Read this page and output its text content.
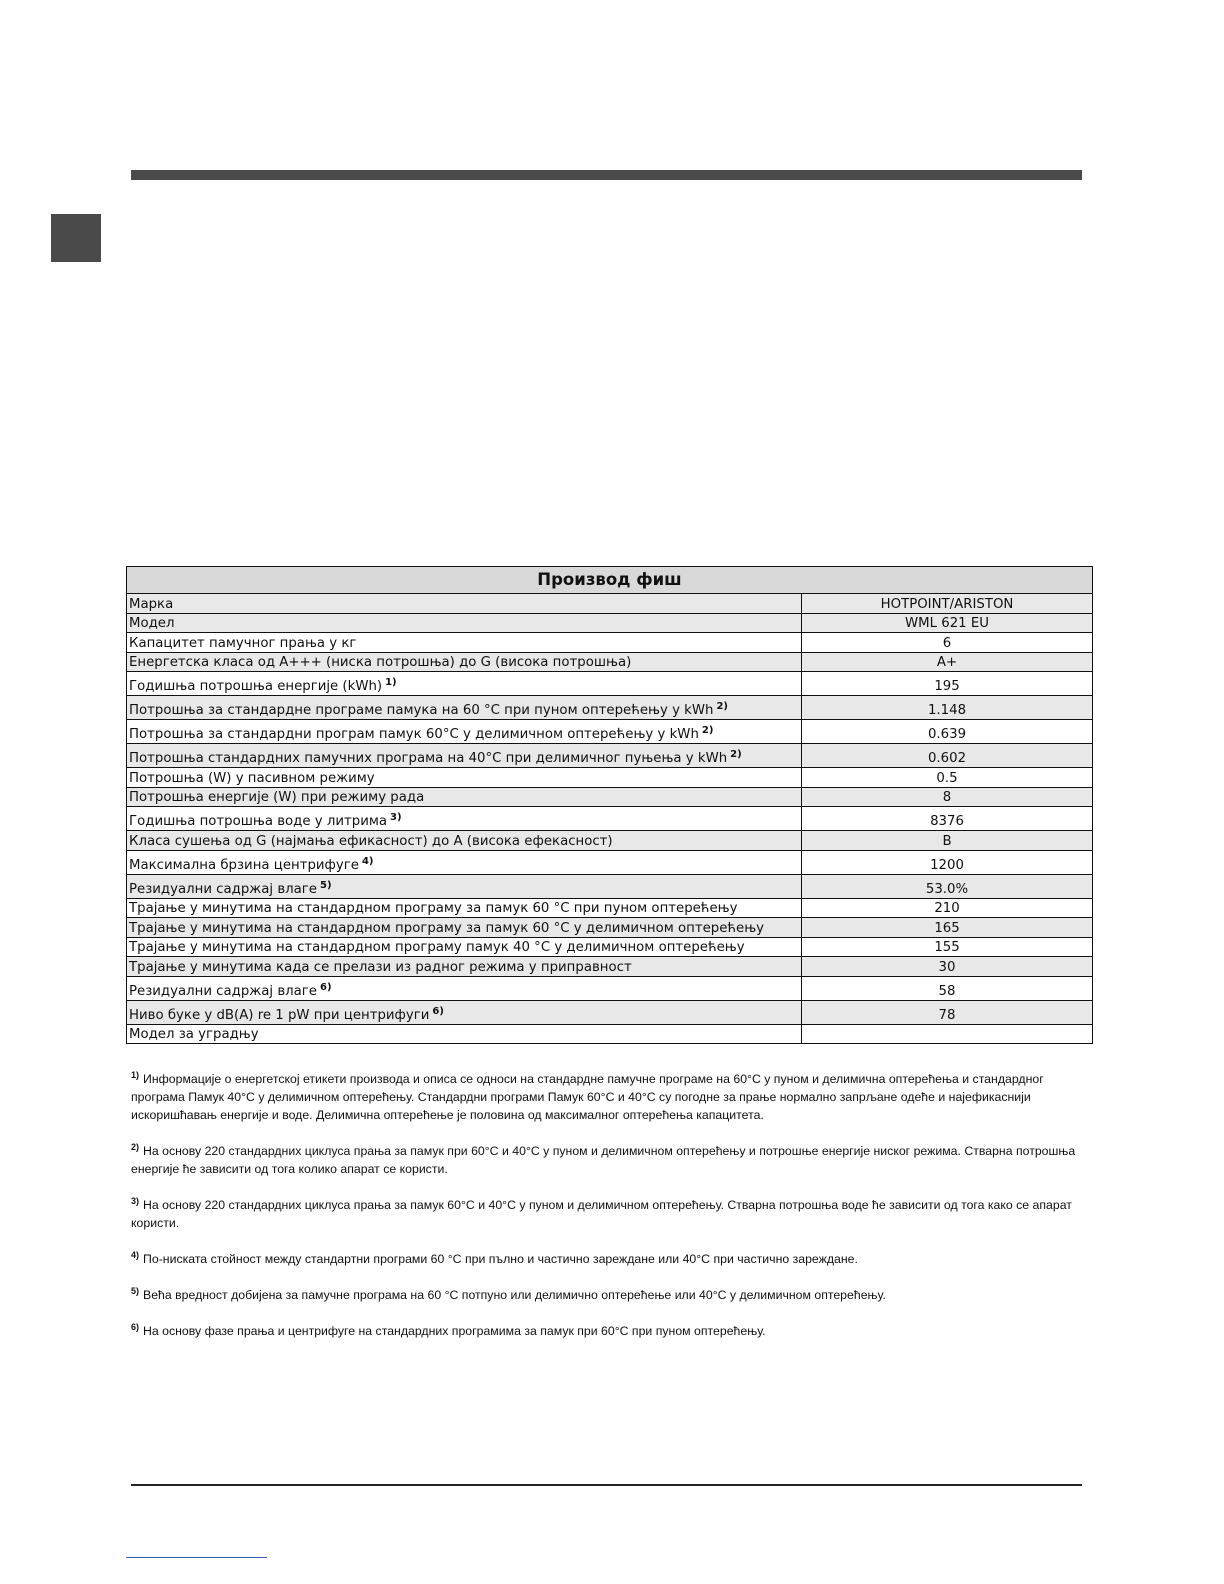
Производ фиш	
Марка	HOTPOINT/ARISTON
Модел	WML 621 EU
Капацитет памучног прања у кг	6
Енергетска класа од А+++ (ниска потрошња) до G (висока потрошња)	A+
Годишња потрошња енергије (kWh) $^{1)}$	195
Потрошња за стандардне програме памука на 60 °C при пуном оптерећењу у kWh $^{2)}$	1.148
Потрошња за стандардни програм памук 60°C у делимичном оптерећењу у kWh $^{2)}$	0.639
Потрошња стандардних памучних програма на 40°C при делимичног пуњења у kWh $^{2)}$	0.602
Потрошња (W) у пасивном режиму	0.5
Потрошња енергије (W) при режиму рада	8
Годишња потрошња воде у литрима $^{3)}$	8376
Класа сушења од G (најмања ефикасност) до А (висока ефекасност)	B
Максимална брзина центрифуге $^{4)}$	1200
Резидуални садржај влаге $^{5)}$	53.0%
Трајање у минутима на стандардном програму за памук 60 °C при пуном оптерећењу	210
Трајање у минутима на стандардном програму за памук 60 °C у делимичном оптерећењу	165
Трајање у минутима на стандардном програму памук 40 °C у делимичном оптерећењу	155
Трајање у минутима када се прелази из радног режима у приправност	30
Резидуални садржај влаге $^{6)}$	58
Ниво буке у dB(A) re 1 pW при центрифуги $^{6)}$	78
Модел за уградњу	

$^{1)}$ Информације о енергетској етикети производа и описа се односи на стандардне памучне програме на 60°C у пуном и делимична оптерећења и стандардног програма Памук 40°C у делимичном оптерећењу. Стандардни програми Памук 60°C и 40°C су погодне за прање нормално запрљане одеће и најефикаснији искоришћавањ енергије и воде. Делимична оптерећење је половина од максималног оптерећења капацитета.

$^{2)}$ На основу 220 стандардних циклуса прања за памук при 60°C и 40°C у пуном и делимичном оптерећењу и потрошње енергије ниског режима. Стварна потрошња енергије ће зависити од тога колико апарат се користи.

$^{3)}$ На основу 220 стандардних циклуса прања за памук 60°C и 40°C у пуном и делимичном оптерећењу. Стварна потрошња воде ће зависити од тога како се апарат користи.

$^{4)}$ По-ниската стойност между стандартни програми 60 °C при пълно и частично зареждане или 40°C при частично зареждане.

$^{5)}$ Већа вредност добијена за памучне програма на 60 °C потпуно или делимично оптерећење или 40°C у делимичном оптерећењу.

$^{6)}$ На основу фазе прања и центрифуге на стандардних програмима за памук при 60°C при пуном оптерећењу.
